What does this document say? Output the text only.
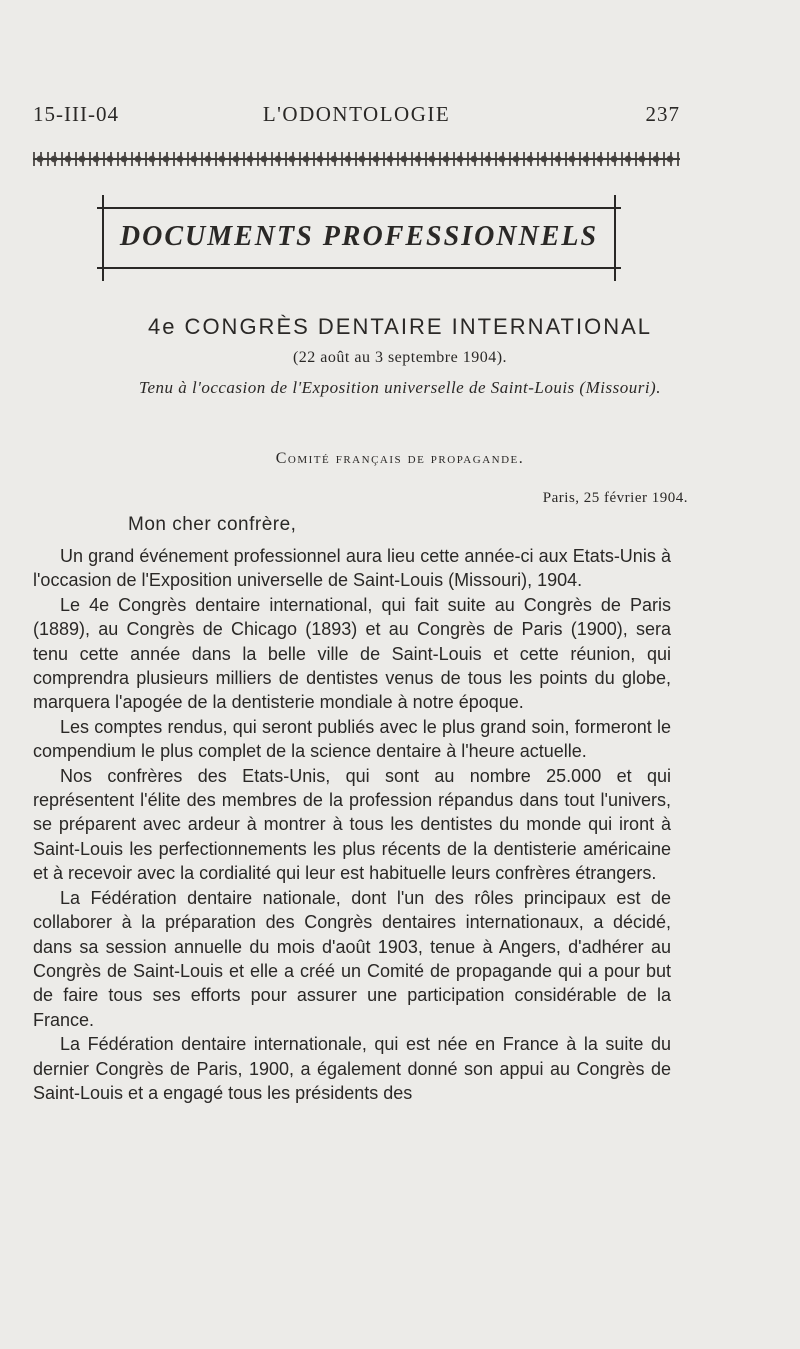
15-III-04	L'ODONTOLOGIE	237
DOCUMENTS PROFESSIONNELS
4e CONGRÈS DENTAIRE INTERNATIONAL
(22 août au 3 septembre 1904).
Tenu à l'occasion de l'Exposition universelle de Saint-Louis (Missouri).
Comité français de propagande.
Paris, 25 février 1904.
Mon cher confrère,

Un grand événement professionnel aura lieu cette année-ci aux Etats-Unis à l'occasion de l'Exposition universelle de Saint-Louis (Missouri), 1904.

Le 4e Congrès dentaire international, qui fait suite au Congrès de Paris (1889), au Congrès de Chicago (1893) et au Congrès de Paris (1900), sera tenu cette année dans la belle ville de Saint-Louis et cette réunion, qui comprendra plusieurs milliers de dentistes venus de tous les points du globe, marquera l'apogée de la dentisterie mondiale à notre époque.

Les comptes rendus, qui seront publiés avec le plus grand soin, formeront le compendium le plus complet de la science dentaire à l'heure actuelle.

Nos confrères des Etats-Unis, qui sont au nombre 25.000 et qui représentent l'élite des membres de la profession répandus dans tout l'univers, se préparent avec ardeur à montrer à tous les dentistes du monde qui iront à Saint-Louis les perfectionnements les plus récents de la dentisterie américaine et à recevoir avec la cordialité qui leur est habituelle leurs confrères étrangers.

La Fédération dentaire nationale, dont l'un des rôles principaux est de collaborer à la préparation des Congrès dentaires internationaux, a décidé, dans sa session annuelle du mois d'août 1903, tenue à Angers, d'adhérer au Congrès de Saint-Louis et elle a créé un Comité de propagande qui a pour but de faire tous ses efforts pour assurer une participation considérable de la France.

La Fédération dentaire internationale, qui est née en France à la suite du dernier Congrès de Paris, 1900, a également donné son appui au Congrès de Saint-Louis et a engagé tous les présidents des
